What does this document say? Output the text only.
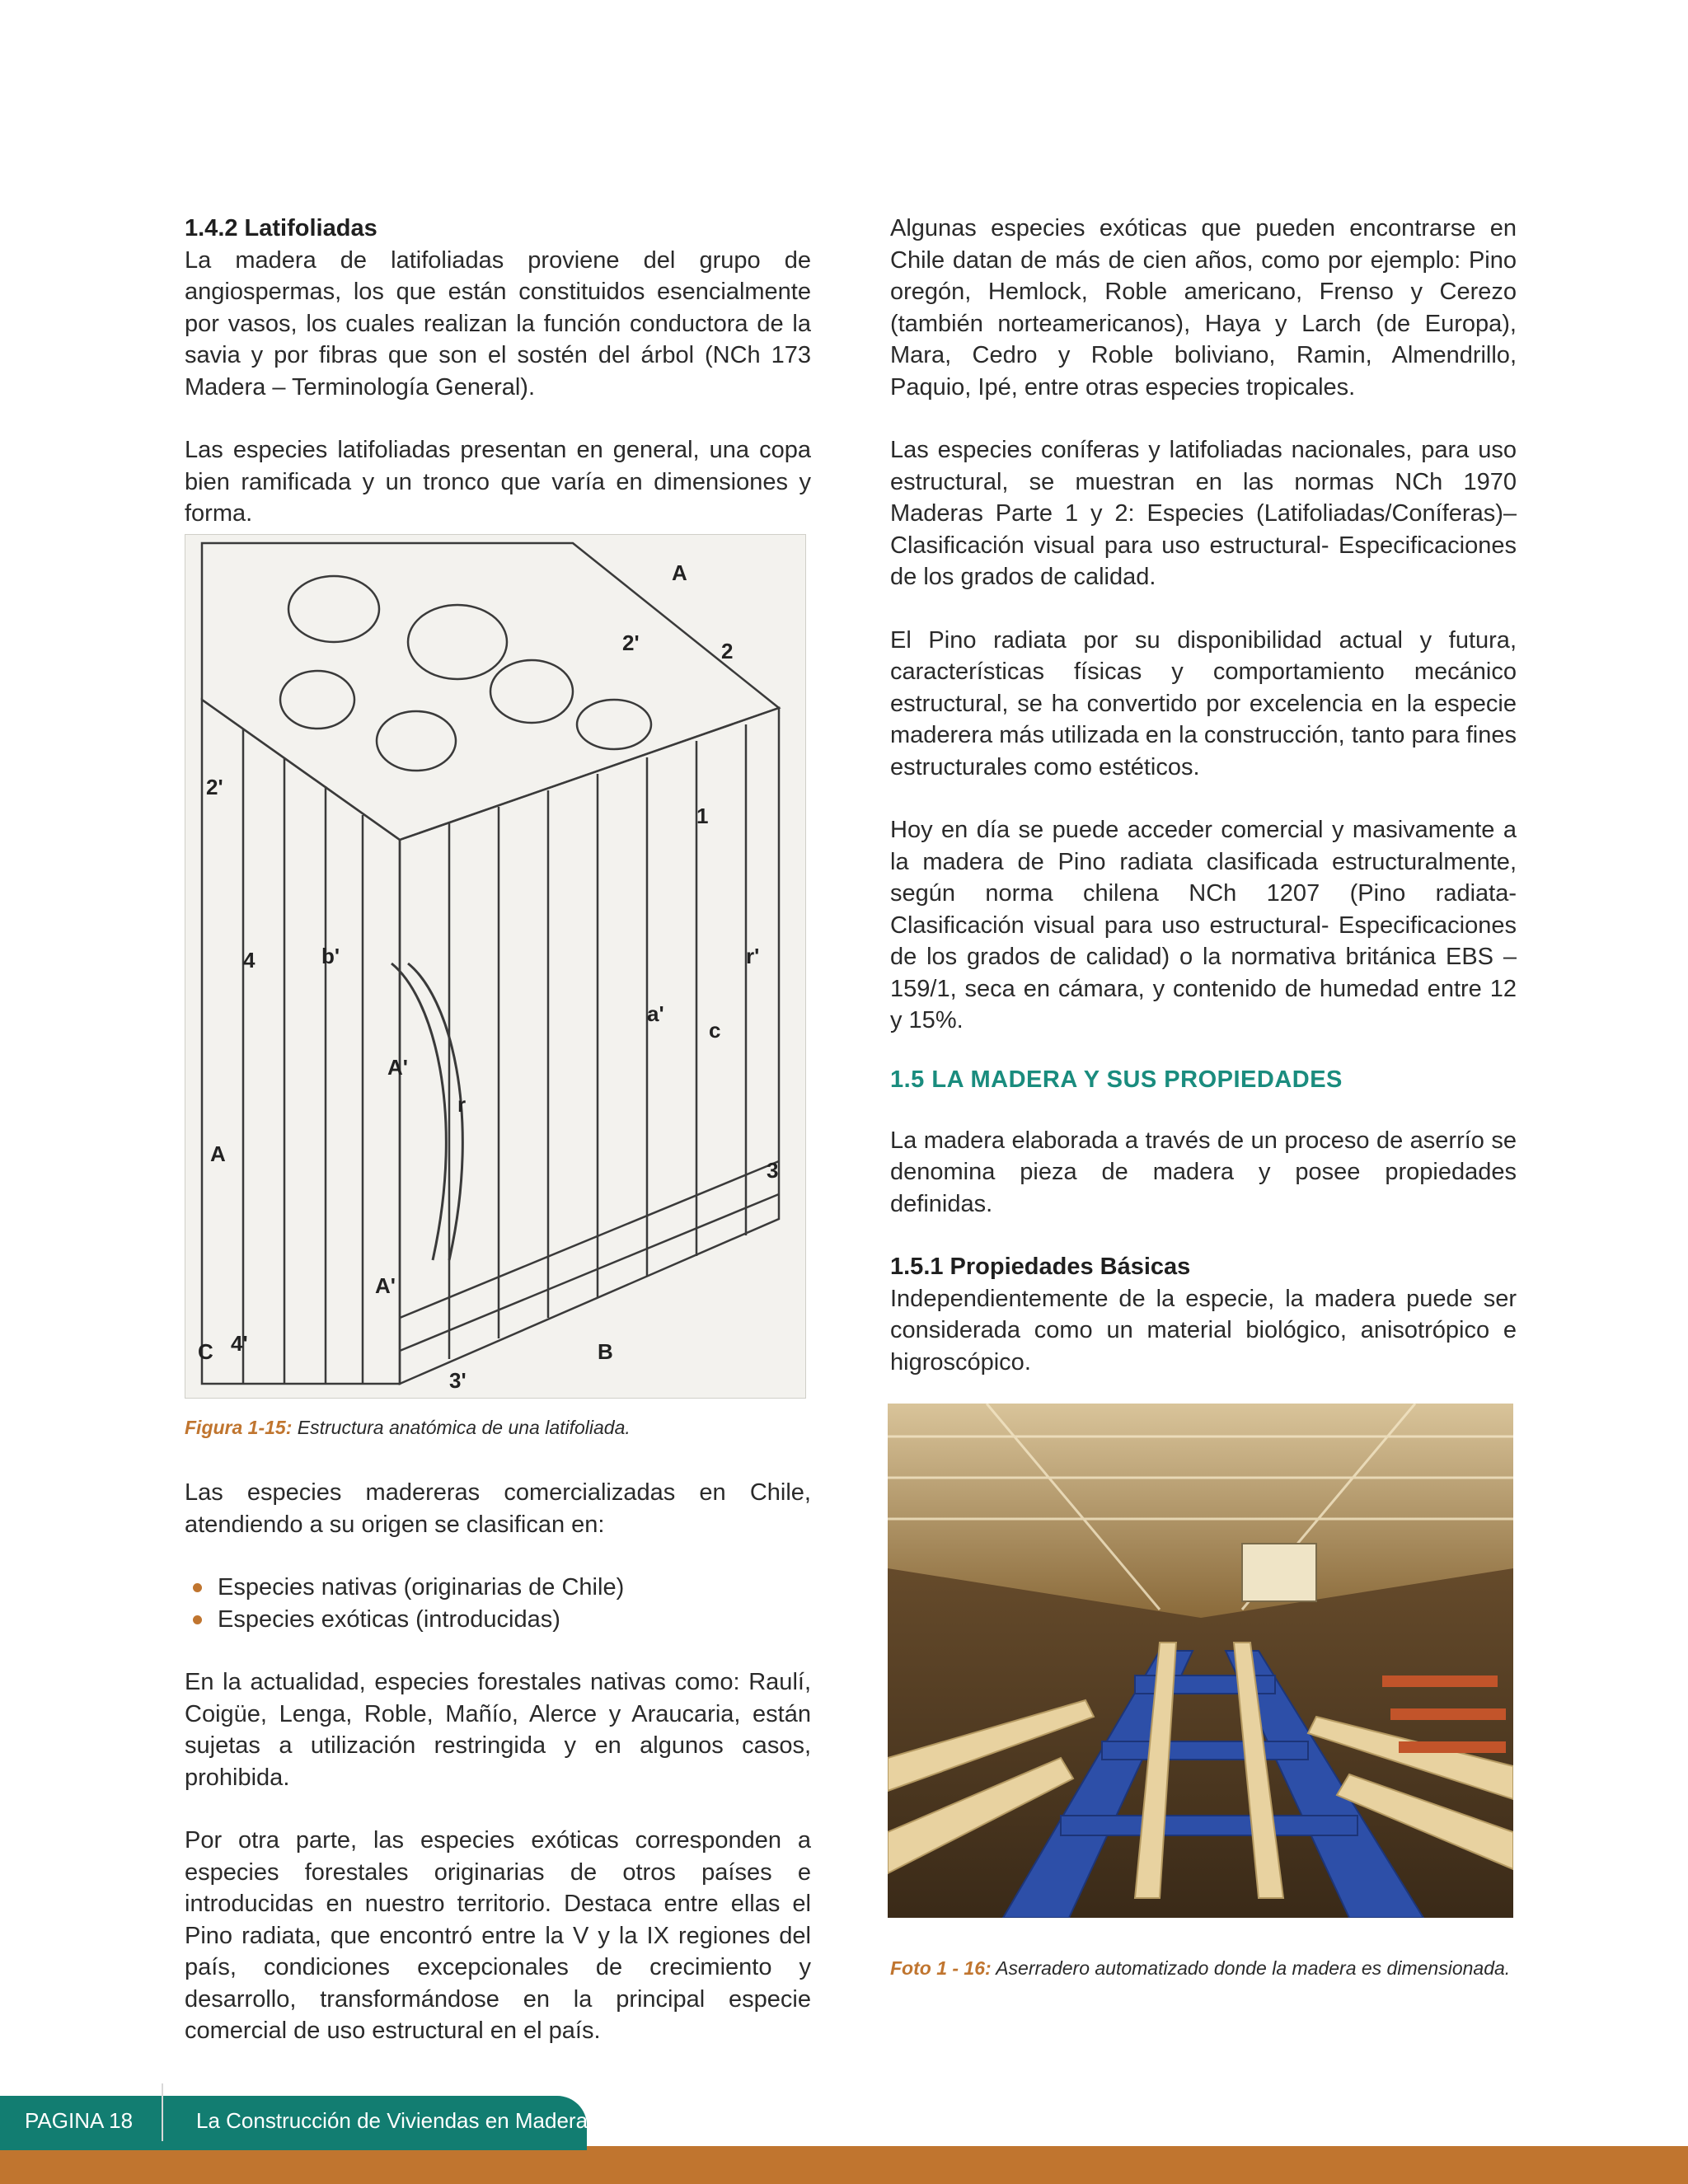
1.4.2 Latifoliadas

La madera de latifoliadas proviene del grupo de angiospermas, los que están constituidos esencialmente por vasos, los cuales realizan la función conductora de la savia y por fibras que son el sostén del árbol (NCh 173 Madera – Terminología General).

Las especies latifoliadas presentan en general, una copa bien ramificada y un tronco que varía en dimensiones y forma.

A
B
C
2
2'
2'
1
3
3'
4
4'
A
A'
A'
r
r'
c
b'
a'

Figura 1-15: Estructura anatómica de una latifoliada.

Las especies madereras comercializadas en Chile, atendiendo a su origen se clasifican en:

Especies nativas (originarias de Chile)
Especies exóticas (introducidas)

En la actualidad, especies forestales nativas como: Raulí, Coigüe, Lenga, Roble, Mañío, Alerce y Araucaria, están sujetas a utilización restringida y en algunos casos, prohibida.

Por otra parte, las especies exóticas corresponden a especies forestales originarias de otros países e introducidas en nuestro territorio. Destaca entre ellas el Pino radiata, que encontró entre la V y la IX regiones del país, condiciones excepcionales de crecimiento y desarrollo, transformándose en la principal especie comercial de uso estructural en el país.

Algunas especies exóticas que pueden encontrarse en Chile datan de más de cien años, como por ejemplo: Pino oregón, Hemlock, Roble americano, Frenso y Cerezo (también norteamericanos), Haya y Larch (de Europa), Mara, Cedro y Roble boliviano, Ramin, Almendrillo, Paquio, Ipé, entre otras especies tropicales.

Las especies coníferas y latifoliadas nacionales, para uso estructural, se muestran en las normas NCh 1970 Maderas Parte 1 y 2: Especies (Latifoliadas/Coníferas)– Clasificación visual para uso estructural- Especificaciones de los grados de calidad.

El Pino radiata por su disponibilidad actual y futura, características físicas y comportamiento mecánico estructural, se ha convertido por excelencia en la especie maderera más utilizada en la construcción, tanto para fines estructurales como estéticos.

Hoy en día se puede acceder comercial y masivamente a la madera de Pino radiata clasificada estructuralmente, según norma chilena NCh 1207 (Pino radiata- Clasificación visual para uso estructural- Especificaciones de los grados de calidad) o la normativa británica EBS – 159/1, seca en cámara, y contenido de humedad entre 12 y 15%.

1.5 LA MADERA Y SUS PROPIEDADES

La madera elaborada a través de un proceso de aserrío se denomina pieza de madera y posee propiedades definidas.

1.5.1 Propiedades Básicas

Independientemente de la especie, la madera puede ser considerada como un material biológico, anisotrópico e higroscópico.

Foto 1 - 16: Aserradero automatizado donde la madera es dimensionada.

PAGINA 18	La Construcción de Viviendas en Madera
